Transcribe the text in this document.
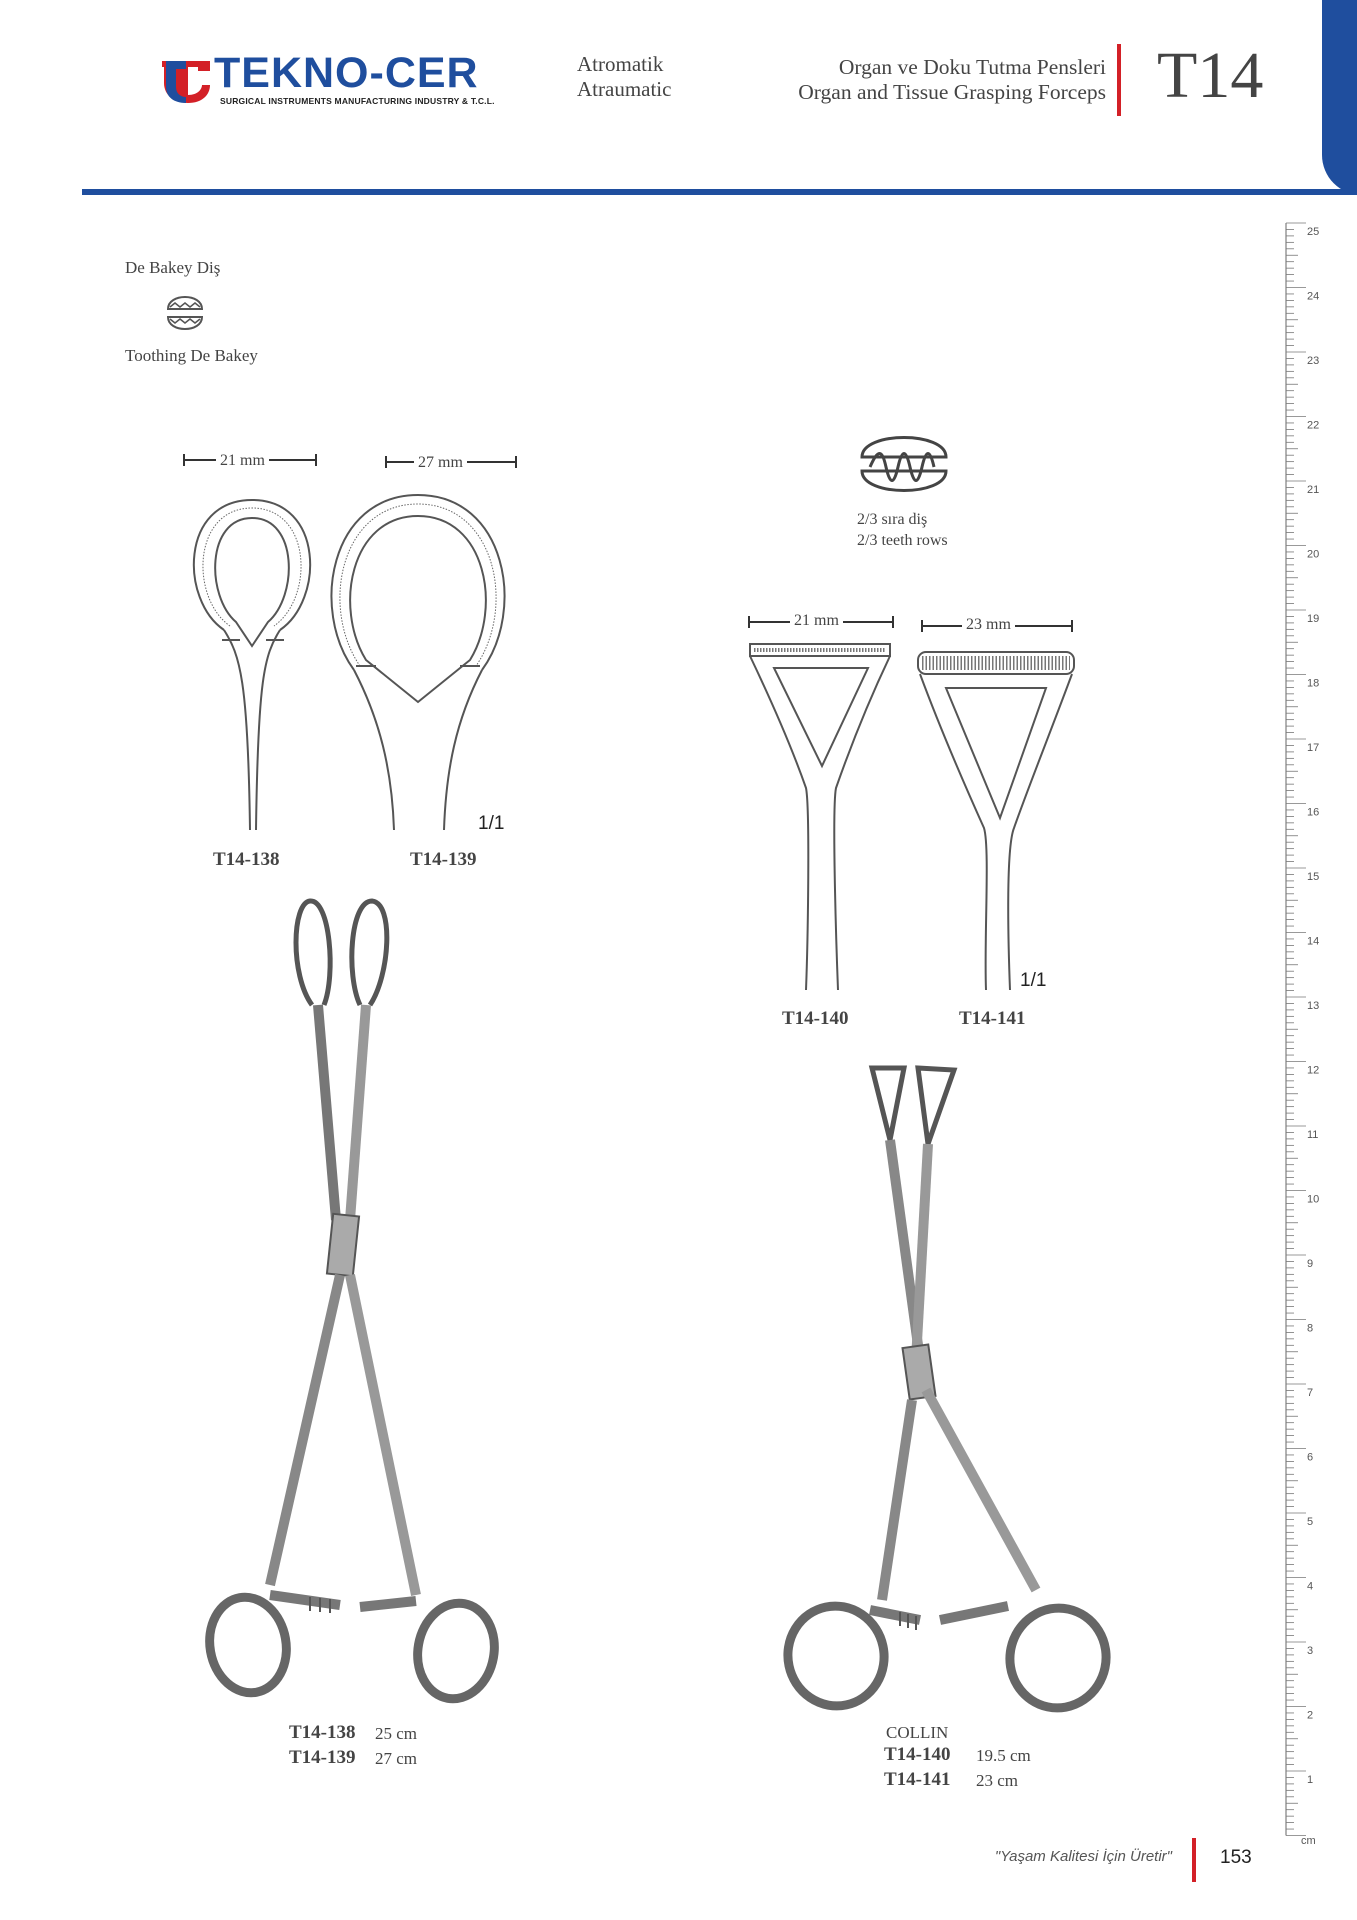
TEKNO-CER
SURGICAL INSTRUMENTS MANUFACTURING INDUSTRY & T.C.L.
Atromatik
Atraumatic
Organ ve Doku Tutma Pensleri
Organ and Tissue Grasping Forceps T14
De Bakey Diş
Toothing De Bakey
2/3 sıra diş
2/3 teeth rows
21 mm	27 mm
1/1
T14-138	T14-139
21 mm	23 mm
1/1
T14-140	T14-141
T14-138 25 cm
T14-139 27 cm
COLLIN
T14-140 19.5 cm
T14-141 23 cm
25
24
23
22
21
20
19
18
17
16
15
14
13
12
11
10
9
8
7
6
5
4
3
2
1
cm
"Yaşam Kalitesi İçin Üretir"	153
